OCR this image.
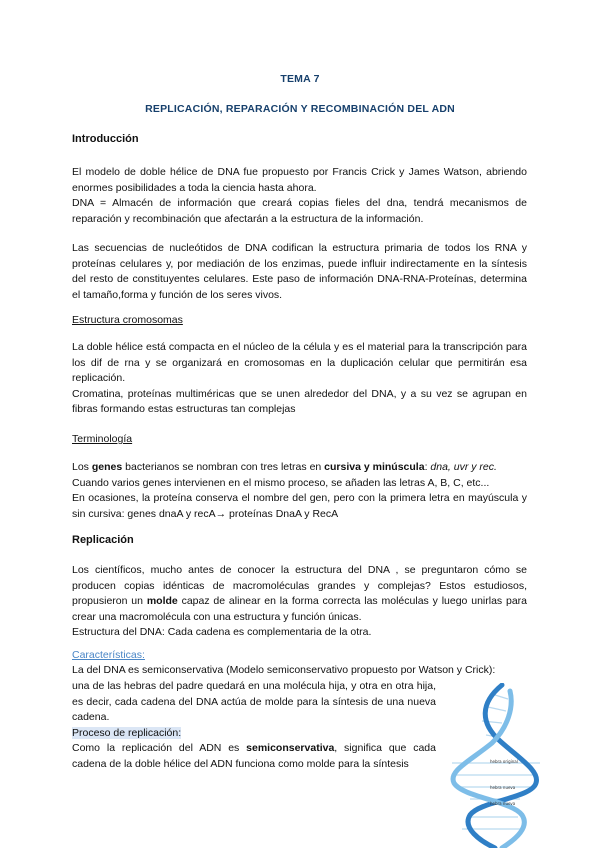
TEMA 7
REPLICACIÓN, REPARACIÓN Y RECOMBINACIÓN DEL ADN
Introducción

El modelo de doble hélice de DNA fue propuesto por Francis Crick y James Watson, abriendo enormes posibilidades a toda la ciencia hasta ahora.

DNA = Almacén de información que creará copias fieles del dna, tendrá mecanismos de reparación y recombinación que afectarán a la estructura de la información.

Las secuencias de nucleótidos de DNA codifican la estructura primaria de todos los RNA y proteínas celulares y, por mediación de los enzimas, puede influir indirectamente en la síntesis del resto de constituyentes celulares. Este paso de información DNA-RNA-Proteínas, determina el tamaño,forma y función de los seres vivos.

Estructura cromosomas

La doble hélice está compacta en el núcleo de la célula y es el material para la transcripción para los dif de rna y se organizará en cromosomas en la duplicación celular que permitirán esa replicación.

Cromatina, proteínas multiméricas que se unen alrededor del DNA, y a su vez se agrupan en fibras formando estas estructuras tan complejas

Terminología

Los genes bacterianos se nombran con tres letras en cursiva y minúscula: dna, uvr y rec.

Cuando varios genes intervienen en el mismo proceso, se añaden las letras A, B, C, etc...

En ocasiones, la proteína conserva el nombre del gen, pero con la primera letra en mayúscula y sin cursiva: genes dnaA y recA→ proteínas DnaA y RecA

Replicación

Los científicos, mucho antes de conocer la estructura del DNA , se preguntaron cómo se producen copias idénticas de macromoléculas grandes y complejas? Estos estudiosos, propusieron un molde capaz de alinear en la forma correcta las moléculas y luego unirlas para crear una macromolécula con una estructura y función únicas.

Estructura del DNA: Cada cadena es complementaria de la otra.

Características:
La del DNA es semiconservativa (Modelo semiconservativo propuesto por Watson y Crick):

una de las hebras del padre quedará en una molécula hija, y otra en otra hija, es decir, cada cadena del DNA actúa de molde para la síntesis de una nueva cadena.

Proceso de replicación:

Como la replicación del ADN es semiconservativa, significa que cada cadena de la doble hélice del ADN funciona como molde para la síntesis	hebra original
hebra nueva
hebra nueva
